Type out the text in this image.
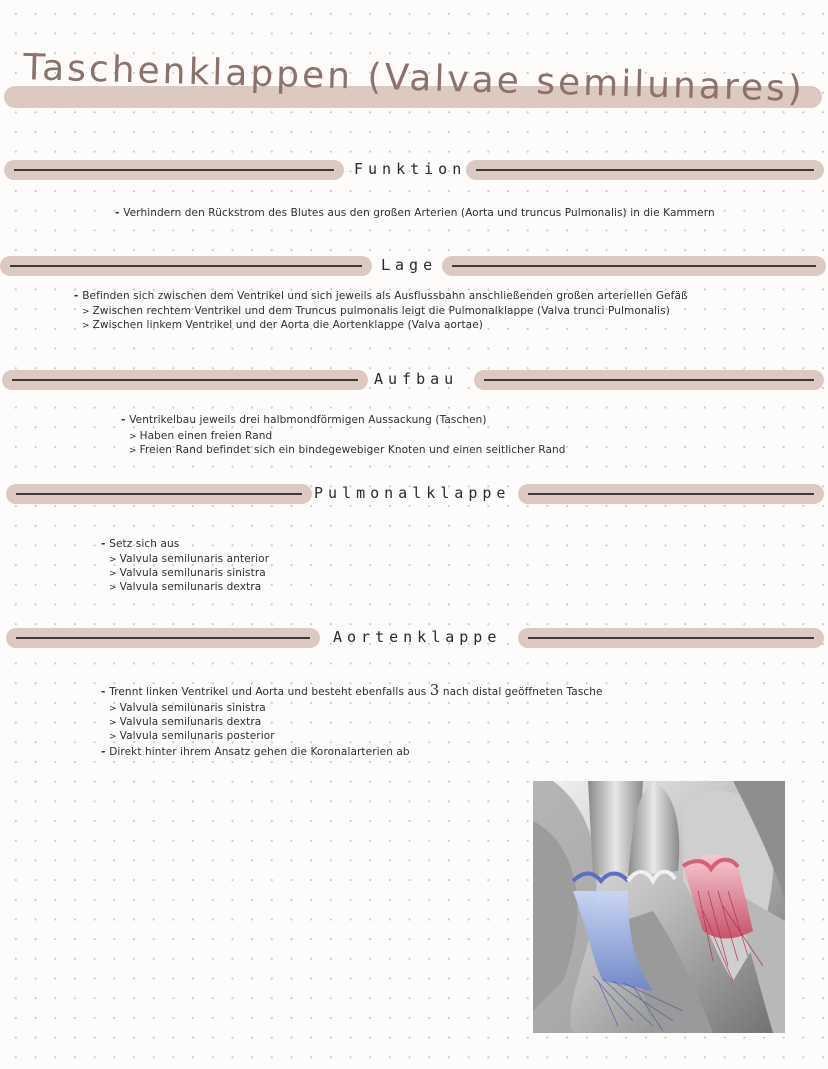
Taschenklappen (Valvae semilunares)
Funktion
- Verhindern den Rückstrom des Blutes aus den großen Arterien (Aorta und truncus Pulmonalis) in die Kammern
Lage
- Befinden sich zwischen dem Ventrikel und sich jeweils als Ausflussbahn anschließenden großen arteriellen Gefäß
> Zwischen rechtem Ventrikel und dem Truncus pulmonalis leigt die Pulmonalklappe (Valva trunci Pulmonalis)
> Zwischen linkem Ventrikel und der Aorta die Aortenklappe (Valva aortae)
Aufbau
- Ventrikelbau jeweils drei halbmondförmigen Aussackung (Taschen)
> Haben einen freien Rand
> Freien Rand befindet sich ein bindegewebiger Knoten und einen seitlicher Rand
Pulmonalklappe
- Setz sich aus
> Valvula semilunaris anterior
> Valvula semilunaris sinistra
> Valvula semilunaris dextra
Aortenklappe
- Trennt linken Ventrikel und Aorta und besteht ebenfalls aus 3 nach distal geöffneten Tasche
> Valvula semilunaris sinistra
> Valvula semilunaris dextra
> Valvula semilunaris posterior
- Direkt hinter ihrem Ansatz gehen die Koronalarterien ab
